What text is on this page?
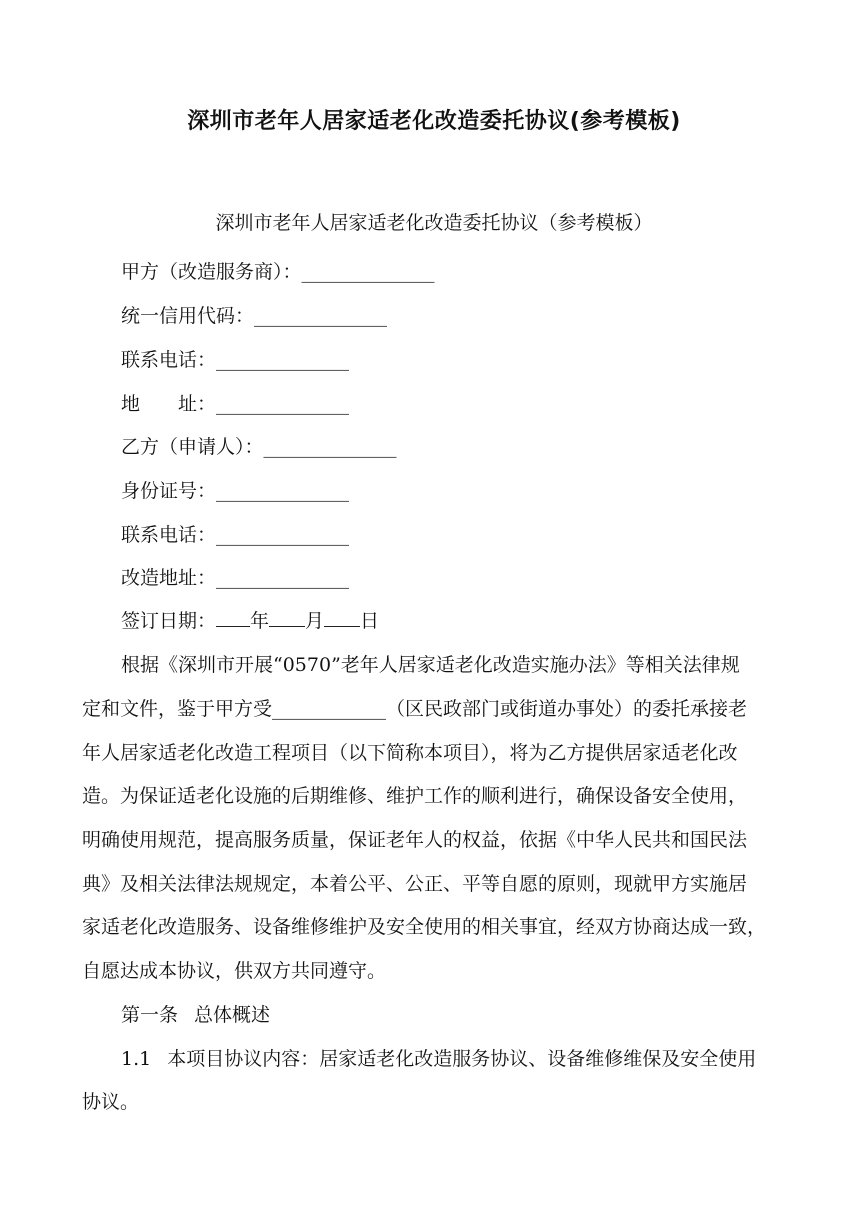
深圳市老年人居家适老化改造委托协议(参考模板)
深圳市老年人居家适老化改造委托协议（参考模板）
甲方（改造服务商）：______________
统一信用代码：______________
联系电话：______________
地　　址：______________
乙方（申请人）：______________
身份证号：______________
联系电话：______________
改造地址：______________
签订日期： 年 月 日
根据《深圳市开展“0570”老年人居家适老化改造实施办法》等相关法律规
定和文件，鉴于甲方受____________（区民政部门或街道办事处）的委托承接老
年人居家适老化改造工程项目（以下简称本项目），将为乙方提供居家适老化改
造。为保证适老化设施的后期维修、维护工作的顺利进行，确保设备安全使用，
明确使用规范，提高服务质量，保证老年人的权益，依据《中华人民共和国民法
典》及相关法律法规规定，本着公平、公正、平等自愿的原则，现就甲方实施居
家适老化改造服务、设备维修维护及安全使用的相关事宜，经双方协商达成一致，
自愿达成本协议，供双方共同遵守。
第一条 总体概述
1.1 本项目协议内容：居家适老化改造服务协议、设备维修维保及安全使用
协议。
